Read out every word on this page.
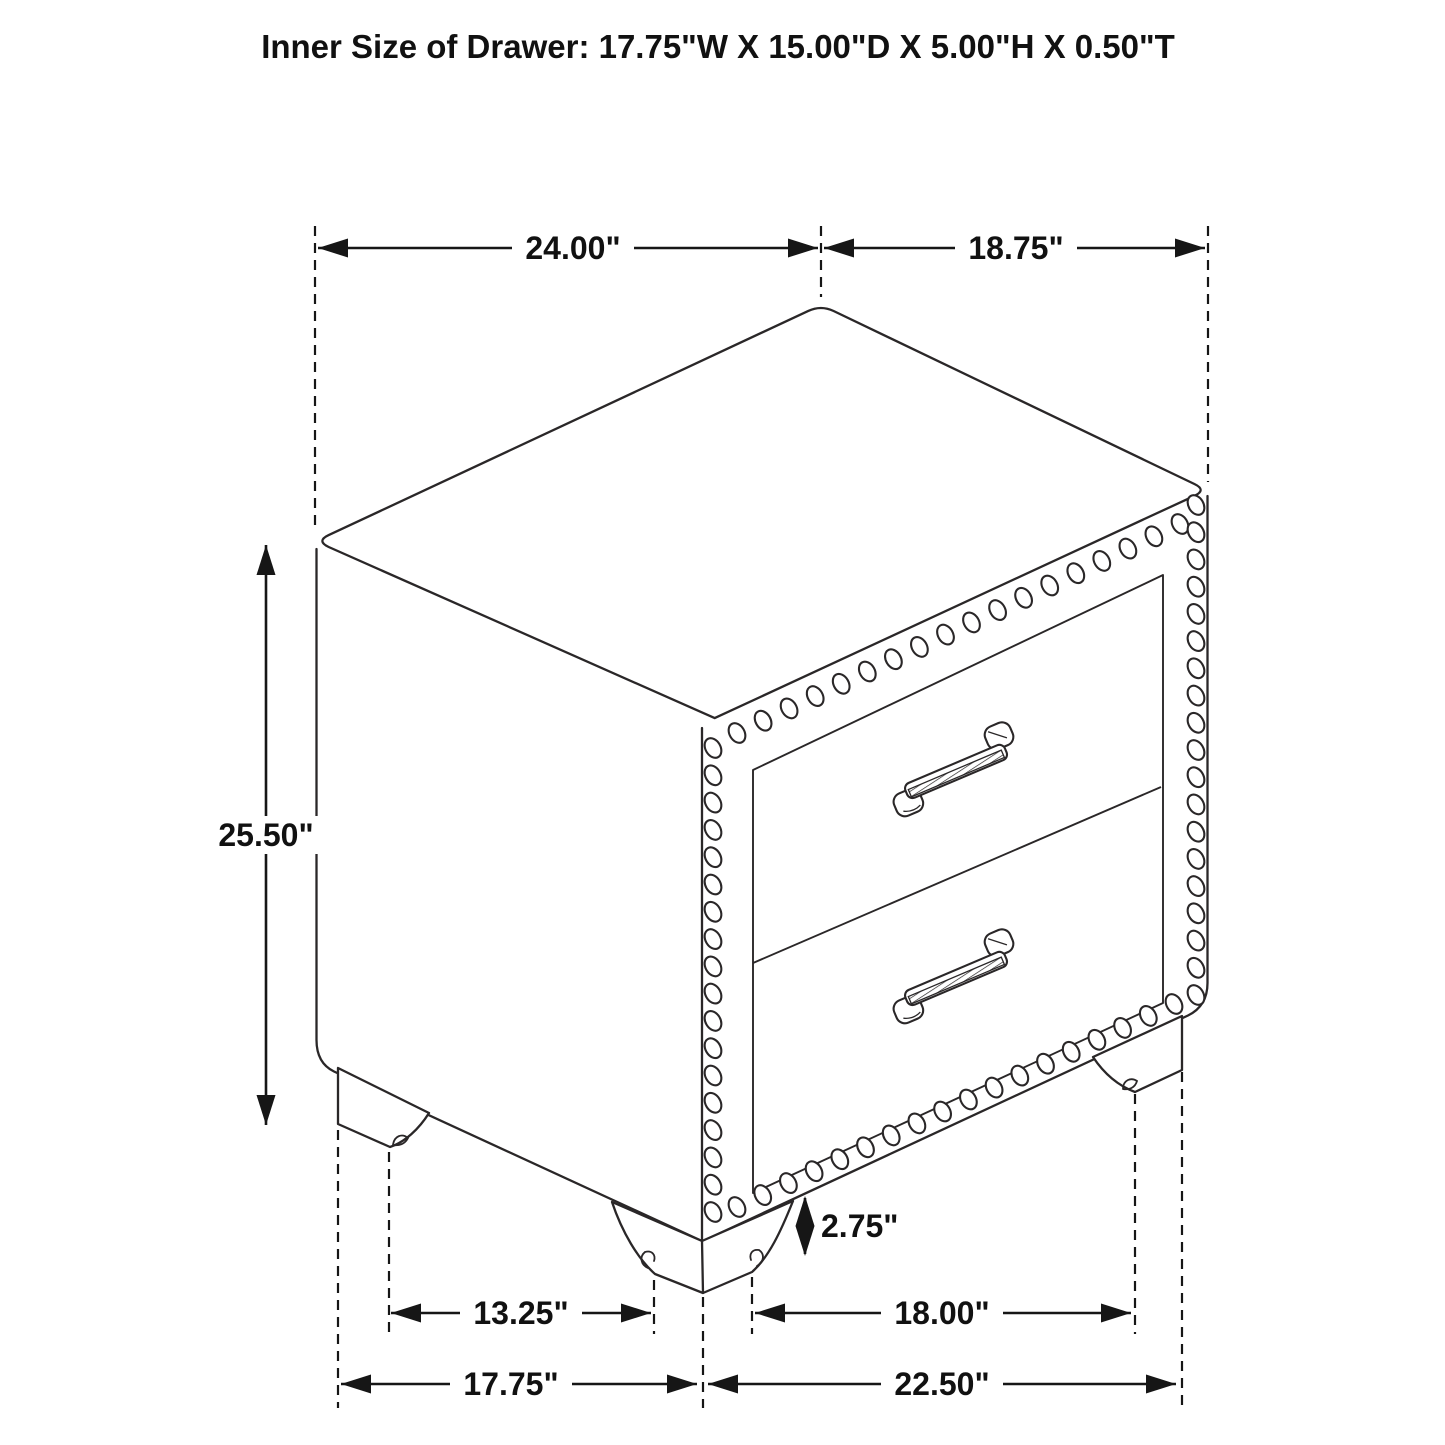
24.00"	18.75"
25.50"
2.75"
13.25"	18.00"
17.75"	22.50"
Inner Size of Drawer: 17.75"W X 15.00"D X 5.00"H X 0.50"T
